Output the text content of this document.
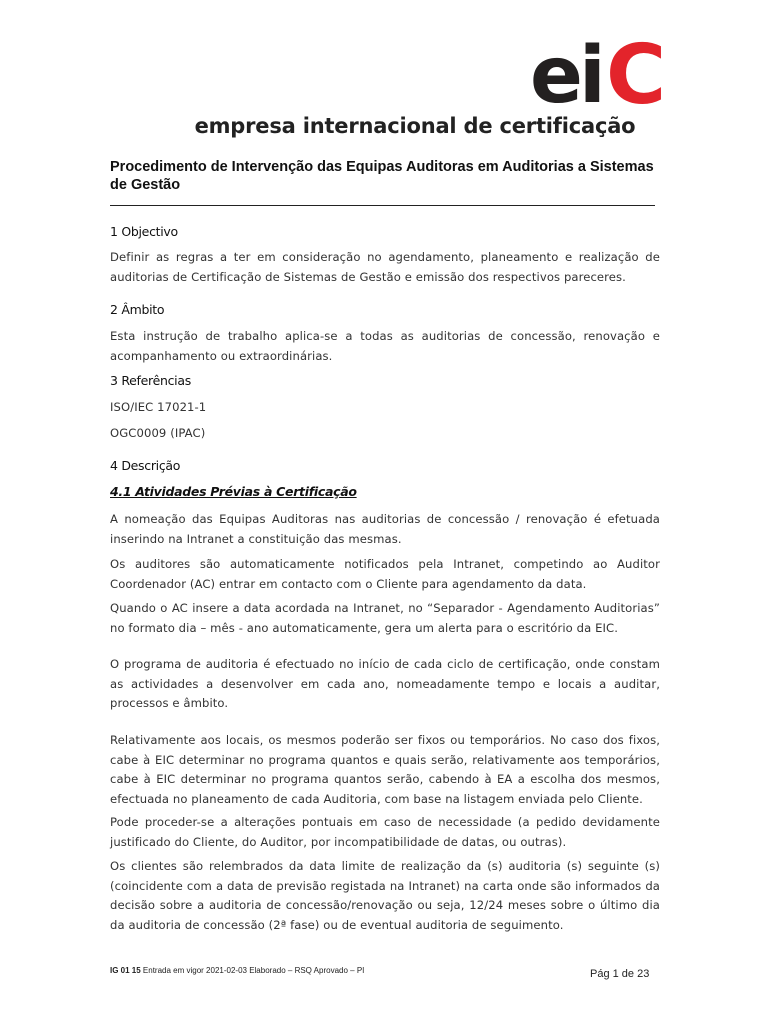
e i C
empresa internacional de certificação
Procedimento de Intervenção das Equipas Auditoras em Auditorias a Sistemas de Gestão
1 Objectivo
Definir as regras a ter em consideração no agendamento, planeamento e realização de auditorias de Certificação de Sistemas de Gestão e emissão dos respectivos pareceres.
2 Âmbito
Esta instrução de trabalho aplica-se a todas as auditorias de concessão, renovação e acompanhamento ou extraordinárias.
3 Referências
ISO/IEC 17021-1
OGC0009 (IPAC)
4 Descrição
4.1 Atividades Prévias à Certificação
A nomeação das Equipas Auditoras nas auditorias de concessão / renovação é efetuada inserindo na Intranet a constituição das mesmas.
Os auditores são automaticamente notificados pela Intranet, competindo ao Auditor Coordenador (AC) entrar em contacto com o Cliente para agendamento da data.
Quando o AC insere a data acordada na Intranet, no “Separador - Agendamento Auditorias” no formato dia – mês - ano automaticamente, gera um alerta para o escritório da EIC.
O programa de auditoria é efectuado no início de cada ciclo de certificação, onde constam as actividades a desenvolver em cada ano, nomeadamente tempo e locais a auditar, processos e âmbito.
Relativamente aos locais, os mesmos poderão ser fixos ou temporários. No caso dos fixos, cabe à EIC determinar no programa quantos e quais serão, relativamente aos temporários, cabe à EIC determinar no programa quantos serão, cabendo à EA a escolha dos mesmos, efectuada no planeamento de cada Auditoria, com base na listagem enviada pelo Cliente.
Pode proceder-se a alterações pontuais em caso de necessidade (a pedido devidamente justificado do Cliente, do Auditor, por incompatibilidade de datas, ou outras).
Os clientes são relembrados da data limite de realização da (s) auditoria (s) seguinte (s) (coincidente com a data de previsão registada na Intranet) na carta onde são informados da decisão sobre a auditoria de concessão/renovação ou seja, 12/24 meses sobre o último dia da auditoria de concessão (2ª fase) ou de eventual auditoria de seguimento.
IG 01 15 Entrada em vigor 2021-02-03 Elaborado – RSQ Aprovado – PI	Pág 1 de 23
